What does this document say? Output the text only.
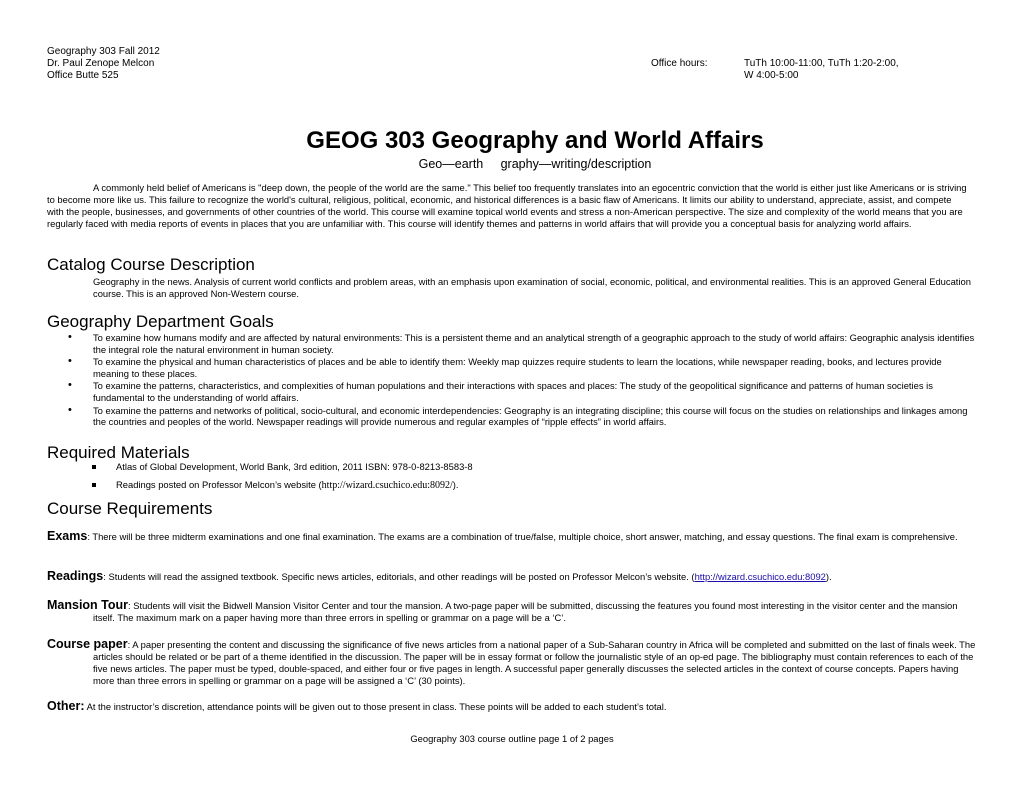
Geography 303 Fall 2012
Dr. Paul Zenope Melcon
Office Butte 525
Office hours:	TuTh 10:00-11:00, TuTh 1:20-2:00,
W 4:00-5:00
GEOG 303 Geography and World Affairs
Geo—earth     graphy—writing/description
A commonly held belief of Americans is "deep down, the people of the world are the same." This belief too frequently translates into an egocentric conviction that the world is either just like Americans or is striving to become more like us. This failure to recognize the world's cultural, religious, political, economic, and historical differences is a basic flaw of Americans. It limits our ability to understand, appreciate, assist, and compete with the people, businesses, and governments of other countries of the world. This course will examine topical world events and stress a non-American perspective. The size and complexity of the world means that you are regularly faced with media reports of events in places that you are unfamiliar with. This course will identify themes and patterns in world affairs that will provide you a conceptual basis for analyzing world affairs.
Catalog Course Description
Geography in the news. Analysis of current world conflicts and problem areas, with an emphasis upon examination of social, economic, political, and environmental realities. This is an approved General Education course. This is an approved Non-Western course.
Geography Department Goals
• To examine how humans modify and are affected by natural environments: This is a persistent theme and an analytical strength of a geographic approach to the study of world affairs: Geographic analysis identifies the integral role the natural environment in human society.
• To examine the physical and human characteristics of places and be able to identify them: Weekly map quizzes require students to learn the locations, while newspaper reading, books, and lectures provide meaning to these places.
• To examine the patterns, characteristics, and complexities of human populations and their interactions with spaces and places: The study of the geopolitical significance and patterns of human societies is fundamental to the understanding of world affairs.
• To examine the patterns and networks of political, socio-cultural, and economic interdependencies: Geography is an integrating discipline; this course will focus on the studies on relationships and linkages among the countries and peoples of the world. Newspaper readings will provide numerous and regular examples of “ripple effects” in world affairs.
Required Materials
Atlas of Global Development, World Bank, 3rd edition, 2011 ISBN: 978-0-8213-8583-8
Readings posted on Professor Melcon’s website (http://wizard.csuchico.edu:8092/).
Course Requirements
Exams: There will be three midterm examinations and one final examination. The exams are a combination of true/false, multiple choice, short answer, matching, and essay questions. The final exam is comprehensive.
Readings: Students will read the assigned textbook. Specific news articles, editorials, and other readings will be posted on Professor Melcon’s website. (http://wizard.csuchico.edu:8092).
Mansion Tour: Students will visit the Bidwell Mansion Visitor Center and tour the mansion. A two-page paper will be submitted, discussing the features you found most interesting in the visitor center and the mansion itself. The maximum mark on a paper having more than three errors in spelling or grammar on a page will be a ‘C’.
Course paper: A paper presenting the content and discussing the significance of five news articles from a national paper of a Sub-Saharan country in Africa will be completed and submitted on the last of finals week. The articles should be related or be part of a theme identified in the discussion. The paper will be in essay format or follow the journalistic style of an op-ed page. The bibliography must contain references to each of the five news articles. The paper must be typed, double-spaced, and either four or five pages in length. A successful paper generally discusses the selected articles in the context of course concepts. Papers having more than three errors in spelling or grammar on a page will be assigned a ‘C’ (30 points).
Other: At the instructor’s discretion, attendance points will be given out to those present in class. These points will be added to each student’s total.
Geography 303 course outline page 1 of 2 pages
